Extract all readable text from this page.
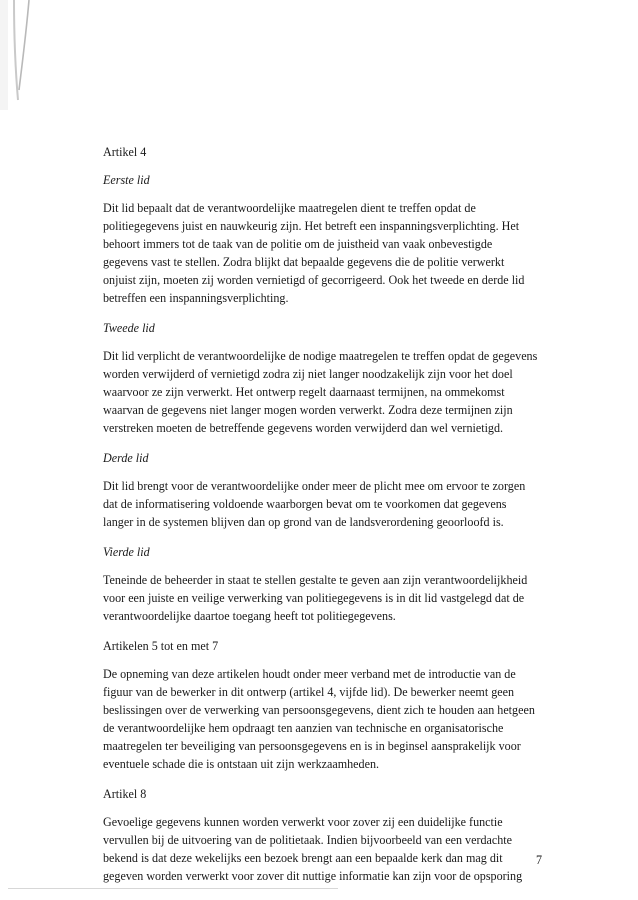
Artikel 4
Eerste lid
Dit lid bepaalt dat de verantwoordelijke maatregelen dient te treffen opdat de
politiegegevens juist en nauwkeurig zijn. Het betreft een inspanningsverplichting. Het
behoort immers tot de taak van de politie om de juistheid van vaak onbevestigde
gegevens vast te stellen. Zodra blijkt dat bepaalde gegevens die de politie verwerkt
onjuist zijn, moeten zij worden vernietigd of gecorrigeerd. Ook het tweede en derde lid
betreffen een inspanningsverplichting.
Tweede lid
Dit lid verplicht de verantwoordelijke de nodige maatregelen te treffen opdat de gegevens
worden verwijderd of vernietigd zodra zij niet langer noodzakelijk zijn voor het doel
waarvoor ze zijn verwerkt. Het ontwerp regelt daarnaast termijnen, na ommekomst
waarvan de gegevens niet langer mogen worden verwerkt. Zodra deze termijnen zijn
verstreken moeten de betreffende gegevens worden verwijderd dan wel vernietigd.
Derde lid
Dit lid brengt voor de verantwoordelijke onder meer de plicht mee om ervoor te zorgen
dat de informatisering voldoende waarborgen bevat om te voorkomen dat gegevens
langer in de systemen blijven dan op grond van de landsverordening geoorloofd is.
Vierde lid
Teneinde de beheerder in staat te stellen gestalte te geven aan zijn verantwoordelijkheid
voor een juiste en veilige verwerking van politiegegevens is in dit lid vastgelegd dat de
verantwoordelijke daartoe toegang heeft tot politiegegevens.
Artikelen 5 tot en met 7
De opneming van deze artikelen houdt onder meer verband met de introductie van de
figuur van de bewerker in dit ontwerp (artikel 4, vijfde lid). De bewerker neemt geen
beslissingen over de verwerking van persoonsgegevens, dient zich te houden aan hetgeen
de verantwoordelijke hem opdraagt ten aanzien van technische en organisatorische
maatregelen ter beveiliging van persoonsgegevens en is in beginsel aansprakelijk voor
eventuele schade die is ontstaan uit zijn werkzaamheden.
Artikel 8
Gevoelige gegevens kunnen worden verwerkt voor zover zij een duidelijke functie
vervullen bij de uitvoering van de politietaak. Indien bijvoorbeeld van een verdachte
bekend is dat deze wekelijks een bezoek brengt aan een bepaalde kerk dan mag dit
gegeven worden verwerkt voor zover dit nuttige informatie kan zijn voor de opsporing
7
